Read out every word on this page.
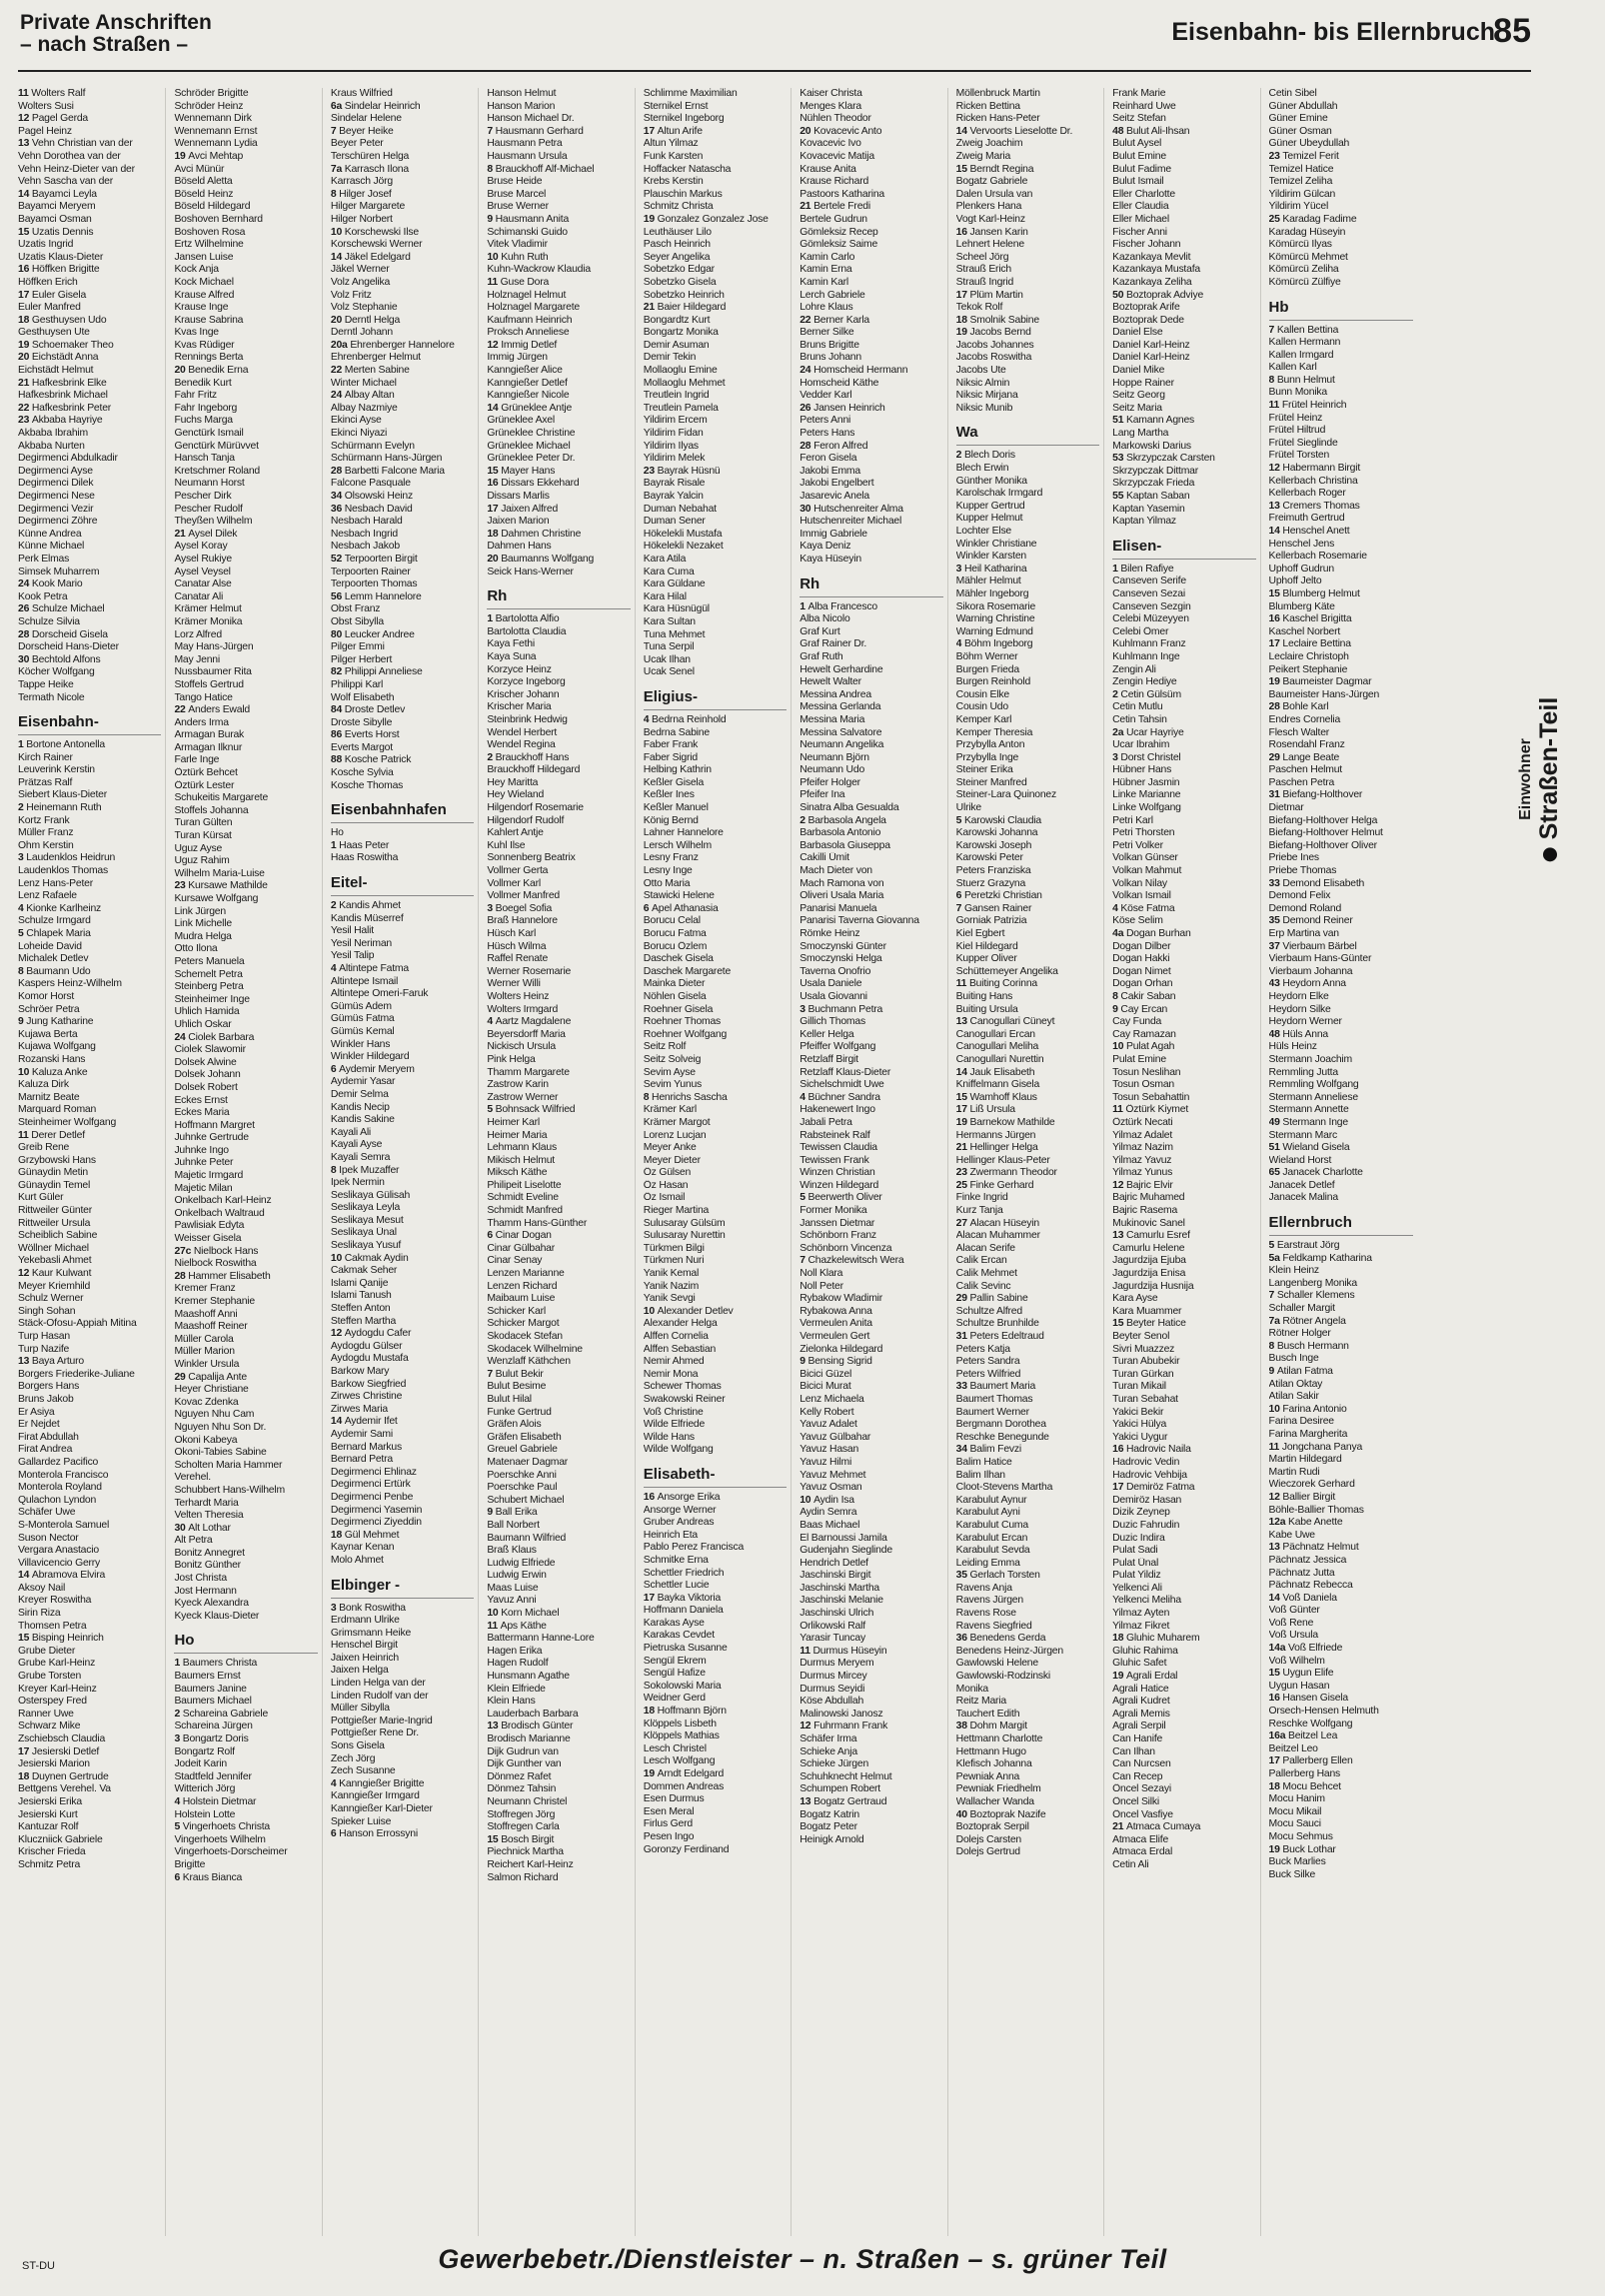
Private Anschriften
– nach Straßen –	Eisenbahn- bis Ellernbruch
85
11 Wolters Ralf
Wolters Susi
12 Pagel Gerda
Pagel Heinz
13 Vehn Christian van der
Vehn Dorothea van der
Vehn Heinz-Dieter van der
Vehn Sascha van der
14 Bayamci Leyla
Bayamci Meryem
Bayamci Osman
15 Uzatis Dennis
Uzatis Ingrid
Uzatis Klaus-Dieter
16 Höffken Brigitte
Höffken Erich
17 Euler Gisela
Euler Manfred
18 Gesthuysen Udo
Gesthuysen Ute
19 Schoemaker Theo
20 Eichstädt Anna
Eichstädt Helmut
21 Hafkesbrink Elke
Hafkesbrink Michael
22 Hafkesbrink Peter
23 Akbaba Hayriye
Akbaba Ibrahim
Akbaba Nurten
Degirmenci Abdulkadir
Degirmenci Ayse
Degirmenci Dilek
Degirmenci Nese
Degirmenci Vezir
Degirmenci Zöhre
Künne Andrea
Künne Michael
Perk Elmas
Simsek Muharrem
24 Kook Mario
Kook Petra
26 Schulze Michael
Schulze Silvia
28 Dorscheid Gisela
Dorscheid Hans-Dieter
30 Bechtold Alfons
Köcher Wolfgang
Tappe Heike
Termath Nicole
Eisenbahn-
1 Bortone Antonella
Kirch Rainer
Leuverink Kerstin
Prätzas Ralf
Siebert Klaus-Dieter
2 Heinemann Ruth
Kortz Frank
Müller Franz
Ohm Kerstin
3 Laudenklos Heidrun
Laudenklos Thomas
Lenz Hans-Peter
Lenz Rafaele
4 Kionke Karlheinz
Schulze Irmgard
5 Chlapek Maria
Loheide David
Michalek Detlev
8 Baumann Udo
Kaspers Heinz-Wilhelm
Komor Horst
Schröer Petra
9 Jung Katharine
Kujawa Berta
Kujawa Wolfgang
Rozanski Hans
10 Kaluza Anke
Kaluza Dirk
Marnitz Beate
Marquard Roman
Steinheimer Wolfgang
11 Derer Detlef
Greib Rene
Grzybowski Hans
Günaydin Metin
Günaydin Temel
Kurt Güler
Rittweiler Günter
Rittweiler Ursula
Scheiblich Sabine
Wöllner Michael
Yekebasli Ahmet
12 Kaur Kulwant
Meyer Kriemhild
Schulz Werner
Singh Sohan
Stäck-Ofosu-Appiah Mitina
Turp Hasan
Turp Nazife
13 Baya Arturo
Borgers Friederike-Juliane
Borgers Hans
Bruns Jakob
Er Asiya
Er Nejdet
Firat Abdullah
Firat Andrea
Gallardez Pacifico
Monterola Francisco
Monterola Royland
Qulachon Lyndon
Schäfer Uwe
S-Monterola Samuel
Suson Nector
Vergara Anastacio
Villavicencio Gerry
14 Abramova Elvira
Aksoy Nail
Kreyer Roswitha
Sirin Riza
Thomsen Petra
15 Bisping Heinrich
Grube Dieter
Grube Karl-Heinz
Grube Torsten
Kreyer Karl-Heinz
Osterspey Fred
Ranner Uwe
Schwarz Mike
Zschiebsch Claudia
17 Jesierski Detlef
Jesierski Marion
18 Duynen Gertrude
Bettgens Verehel. Va
Jesierski Erika
Jesierski Kurt
Kantuzar Rolf
Kluczniick Gabriele
Krischer Frieda
Schmitz Petra
Schröder Brigitte
Schröder Heinz
Wennemann Dirk
Wennemann Ernst
Wennemann Lydia
19 Avci Mehtap
Avci Münür
Böseld Aletta
Böseld Heinz
Böseld Hildegard
Boshoven Bernhard
Boshoven Rosa
Ertz Wilhelmine
Jansen Luise
Kock Anja
Kock Michael
Krause Alfred
Krause Inge
Krause Sabrina
Kvas Inge
Kvas Rüdiger
Rennings Berta
20 Benedik Erna
Benedik Kurt
Fahr Fritz
Fahr Ingeborg
Fuchs Marga
Genctürk Ismail
Genctürk Mürüvvet
Hansch Tanja
Kretschmer Roland
Neumann Horst
Pescher Dirk
Pescher Rudolf
Theyßen Wilhelm
21 Aysel Dilek
Aysel Koray
Aysel Rukiye
Aysel Veysel
Canatar Alse
Canatar Ali
Krämer Helmut
Krämer Monika
Lorz Alfred
May Hans-Jürgen
May Jenni
Nussbaumer Rita
Stoffels Gertrud
Tango Hatice
22 Anders Ewald
Anders Irma
Armagan Burak
Armagan Ilknur
Farle Inge
Öztürk Behcet
Öztürk Lester
Schukeitis Margarete
Stoffels Johanna
Turan Gülten
Turan Kürsat
Uguz Ayse
Uguz Rahim
Wilhelm Maria-Luise
23 Kursawe Mathilde
Kursawe Wolfgang
Link Jürgen
Link Michelle
Mudra Helga
Otto Ilona
Peters Manuela
Schemelt Petra
Steinberg Petra
Steinheimer Inge
Uhlich Hamida
Uhlich Oskar
24 Ciolek Barbara
Ciolek Slawomir
Dolsek Alwine
Dolsek Johann
Dolsek Robert
Eckes Ernst
Eckes Maria
Hoffmann Margret
Juhnke Gertrude
Juhnke Ingo
Juhnke Peter
Majetic Irmgard
Majetic Milan
Onkelbach Karl-Heinz
Onkelbach Waltraud
Pawlisiak Edyta
Weisser Gisela
27c Nielbock Hans
Nielbock Roswitha
28 Hammer Elisabeth
Kremer Franz
Kremer Stephanie
Maashoff Anni
Maashoff Reiner
Müller Carola
Müller Marion
Winkler Ursula
29 Capalija Ante
Heyer Christiane
Kovac Zdenka
Nguyen Nhu Cam
Nguyen Nhu Son Dr.
Okoni Kabeya
Okoni-Tabies Sabine
Scholten Maria Hammer
Verehel.
Schubbert Hans-Wilhelm
Terhardt Maria
Velten Theresia
30 Alt Lothar
Alt Petra
Bonitz Annegret
Bonitz Günther
Jost Christa
Jost Hermann
Kyeck Alexandra
Kyeck Klaus-Dieter
Ho
1 Baumers Christa
Baumers Ernst
Baumers Janine
Baumers Michael
2 Schareina Gabriele
Schareina Jürgen
3 Bongartz Doris
Bongartz Rolf
Jodeit Karin
Stadtfeld Jennifer
Witterich Jörg
4 Holstein Dietmar
Holstein Lotte
5 Vingerhoets Christa
Vingerhoets Wilhelm
Vingerhoets-Dorscheimer
Brigitte
6 Kraus Bianca
Kraus Wilfried
6a Sindelar Heinrich
Sindelar Helene
7 Beyer Heike
Beyer Peter
Terschüren Helga
7a Karrasch Ilona
Karrasch Jörg
8 Hilger Josef
Hilger Margarete
Hilger Norbert
10 Korschewski Ilse
Korschewski Werner
14 Jäkel Edelgard
Jäkel Werner
Volz Angelika
Volz Fritz
Volz Stephanie
20 Derntl Helga
Derntl Johann
20a Ehrenberger Hannelore
Ehrenberger Helmut
22 Merten Sabine
Winter Michael
24 Albay Altan
Albay Nazmiye
Ekinci Ayse
Ekinci Niyazi
Schürmann Evelyn
Schürmann Hans-Jürgen
28 Barbetti Falcone Maria
Falcone Pasquale
34 Olsowski Heinz
36 Nesbach David
Nesbach Harald
Nesbach Ingrid
Nesbach Jakob
52 Terpoorten Birgit
Terpoorten Rainer
Terpoorten Thomas
56 Lemm Hannelore
Obst Franz
Obst Sibylla
80 Leucker Andree
Pilger Emmi
Pilger Herbert
82 Philippi Anneliese
Philippi Karl
Wolf Elisabeth
84 Droste Detlev
Droste Sibylle
86 Everts Horst
Everts Margot
88 Kosche Patrick
Kosche Sylvia
Kosche Thomas
Eisenbahnhafen
Ho
1 Haas Peter
Haas Roswitha
Eitel-
2 Kandis Ahmet
Kandis Müserref
Yesil Halit
Yesil Neriman
Yesil Talip
4 Altintepe Fatma
Altintepe Ismail
Altintepe Omeri-Faruk
Gümüs Adem
Gümüs Fatma
Gümüs Kemal
Winkler Hans
Winkler Hildegard
6 Aydemir Meryem
Aydemir Yasar
Demir Selma
Kandis Necip
Kandis Sakine
Kayali Ali
Kayali Ayse
Kayali Semra
8 Ipek Muzaffer
Ipek Nermin
Seslikaya Gülisah
Seslikaya Leyla
Seslikaya Mesut
Seslikaya Ünal
Seslikaya Yusuf
10 Cakmak Aydin
Cakmak Seher
Islami Qanije
Islami Tanush
Steffen Anton
Steffen Martha
12 Aydogdu Cafer
Aydogdu Gülser
Aydogdu Mustafa
Barkow Mary
Barkow Siegfried
Zirwes Christine
Zirwes Maria
14 Aydemir Ifet
Aydemir Sami
Bernard Markus
Bernard Petra
Degirmenci Ehlinaz
Degirmenci Ertürk
Degirmenci Penbe
Degirmenci Yasemin
Degirmenci Ziyeddin
18 Gül Mehmet
Kaynar Kenan
Molo Ahmet
Elbinger -
3 Bonk Roswitha
Erdmann Ulrike
Grimsmann Heike
Henschel Birgit
Jaixen Heinrich
Jaixen Helga
Linden Helga van der
Linden Rudolf van der
Müller Sibylla
Pottgießer Marie-Ingrid
Pottgießer Rene Dr.
Sons Gisela
Zech Jörg
Zech Susanne
4 Kanngießer Brigitte
Kanngießer Irmgard
Kanngießer Karl-Dieter
Spieker Luise
6 Hanson Errossyni
Hanson Helmut
Hanson Marion
Hanson Michael Dr.
7 Hausmann Gerhard
Hausmann Petra
Hausmann Ursula
8 Brauckhoff Alf-Michael
Bruse Heide
Bruse Marcel
Bruse Werner
9 Hausmann Anita
Schimanski Guido
Vitek Vladimir
10 Kuhn Ruth
Kuhn-Wackrow Klaudia
11 Guse Dora
Holznagel Helmut
Holznagel Margarete
Kaufmann Heinrich
Proksch Anneliese
12 Immig Detlef
Immig Jürgen
Kanngießer Alice
Kanngießer Detlef
Kanngießer Nicole
14 Grüneklee Antje
Grüneklee Axel
Grüneklee Christine
Grüneklee Michael
Grüneklee Peter Dr.
15 Mayer Hans
16 Dissars Ekkehard
Dissars Marlis
17 Jaixen Alfred
Jaixen Marion
18 Dahmen Christine
Dahmen Hans
20 Baumanns Wolfgang
Seick Hans-Werner
Rh
1 Bartolotta Alfio
Bartolotta Claudia
Kaya Fethi
Kaya Suna
Korzyce Heinz
Korzyce Ingeborg
Krischer Johann
Krischer Maria
Steinbrink Hedwig
Wendel Herbert
Wendel Regina
2 Brauckhoff Hans
Brauckhoff Hildegard
Hey Maritta
Hey Wieland
Hilgendorf Rosemarie
Hilgendorf Rudolf
Kahlert Antje
Kuhl Ilse
Sonnenberg Beatrix
Vollmer Gerta
Vollmer Karl
Vollmer Manfred
3 Boegel Sofia
Braß Hannelore
Hüsch Karl
Hüsch Wilma
Raffel Renate
Werner Rosemarie
Werner Willi
Wolters Heinz
Wolters Irmgard
4 Aartz Magdalene
Beyersdorff Maria
Nickisch Ursula
Pink Helga
Thamm Margarete
Zastrow Karin
Zastrow Werner
5 Bohnsack Wilfried
Heimer Karl
Heimer Maria
Lehmann Klaus
Mikisch Helmut
Miksch Käthe
Philipeit Liselotte
Schmidt Eveline
Schmidt Manfred
Thamm Hans-Günther
6 Cinar Dogan
Cinar Gülbahar
Cinar Senay
Lenzen Marianne
Lenzen Richard
Maibaum Luise
Schicker Karl
Schicker Margot
Skodacek Stefan
Skodacek Wilhelmine
Wenzlaff Käthchen
7 Bulut Bekir
Bulut Besime
Bulut Hilal
Funke Gertrud
Gräfen Alois
Gräfen Elisabeth
Greuel Gabriele
Matenaer Dagmar
Poerschke Anni
Poerschke Paul
Schubert Michael
9 Ball Erika
Ball Norbert
Baumann Wilfried
Braß Klaus
Ludwig Elfriede
Ludwig Erwin
Maas Luise
Yavuz Anni
10 Korn Michael
11 Aps Käthe
Battermann Hanne-Lore
Hagen Erika
Hagen Rudolf
Hunsmann Agathe
Klein Elfriede
Klein Hans
Lauderbach Barbara
13 Brodisch Günter
Brodisch Marianne
Dijk Gudrun van
Dijk Gunther van
Dönmez Rafet
Dönmez Tahsin
Neumann Christel
Stoffregen Jörg
Stoffregen Carla
15 Bosch Birgit
Piechnick Martha
Reichert Karl-Heinz
Salmon Richard
Schlimme Maximilian
Sternikel Ernst
Sternikel Ingeborg
17 Altun Arife
Altun Yilmaz
Funk Karsten
Hoffacker Natascha
Krebs Kerstin
Plauschin Markus
Schmitz Christa
19 Gonzalez Gonzalez Jose
Leuthäuser Lilo
Pasch Heinrich
Seyer Angelika
Sobetzko Edgar
Sobetzko Gisela
Sobetzko Heinrich
21 Baier Hildegard
Bongardtz Kurt
Bongartz Monika
Demir Asuman
Demir Tekin
Mollaoglu Emine
Mollaoglu Mehmet
Treutlein Ingrid
Treutlein Pamela
Yildirim Ercem
Yildirim Fidan
Yildirim Ilyas
Yildirim Melek
23 Bayrak Hüsnü
Bayrak Risale
Bayrak Yalcin
Duman Nebahat
Duman Sener
Hökelekli Mustafa
Hökelekli Nezaket
Kara Atila
Kara Cuma
Kara Güldane
Kara Hilal
Kara Hüsnügül
Kara Sultan
Tuna Mehmet
Tuna Serpil
Ucak Ilhan
Ucak Senel
Eligius-
4 Bedrna Reinhold
Bedrna Sabine
Faber Frank
Faber Sigrid
Helbing Kathrin
Keßler Gisela
Keßler Ines
Keßler Manuel
König Bernd
Lahner Hannelore
Lersch Wilhelm
Lesny Franz
Lesny Inge
Otto Maria
Stawicki Helene
6 Apel Athanasia
Borucu Celal
Borucu Fatma
Borucu Özlem
Daschek Gisela
Daschek Margarete
Mainka Dieter
Nöhlen Gisela
Roehner Gisela
Roehner Thomas
Roehner Wolfgang
Seitz Rolf
Seitz Solveig
Sevim Ayse
Sevim Yunus
8 Henrichs Sascha
Krämer Karl
Krämer Margot
Lorenz Lucjan
Meyer Anke
Meyer Dieter
Öz Gülsen
Öz Hasan
Öz Ismail
Rieger Martina
Sulusaray Gülsüm
Sulusaray Nurettin
Türkmen Bilgi
Türkmen Nuri
Yanik Kemal
Yanik Nazim
Yanik Sevgi
10 Alexander Detlev
Alexander Helga
Alffen Cornelia
Alffen Sebastian
Nemir Ahmed
Nemir Mona
Schewer Thomas
Swakowski Reiner
Voß Christine
Wilde Elfriede
Wilde Hans
Wilde Wolfgang
Elisabeth-
16 Ansorge Erika
Ansorge Werner
Gruber Andreas
Heinrich Eta
Pablo Perez Francisca
Schmitke Erna
Schettler Friedrich
Schettler Lucie
17 Bayka Viktoria
Hoffmann Daniela
Karakas Ayse
Karakas Cevdet
Pietruska Susanne
Sengül Ekrem
Sengül Hafize
Sokolowski Maria
Weidner Gerd
18 Hoffmann Björn
Klöppels Lisbeth
Klöppels Mathias
Lesch Christel
Lesch Wolfgang
19 Arndt Edelgard
Dommen Andreas
Esen Durmus
Esen Meral
Firlus Gerd
Pesen Ingo
Goronzy Ferdinand
Kaiser Christa
Menges Klara
Nühlen Theodor
20 Kovacevic Anto
Kovacevic Ivo
Kovacevic Matija
Krause Anita
Krause Richard
Pastoors Katharina
21 Bertele Fredi
Bertele Gudrun
Gömleksiz Recep
Gömleksiz Saime
Kamin Carlo
Kamin Erna
Kamin Karl
Lerch Gabriele
Lohre Klaus
22 Berner Karla
Berner Silke
Bruns Brigitte
Bruns Johann
24 Homscheid Hermann
Homscheid Käthe
Vedder Karl
26 Jansen Heinrich
Peters Anni
Peters Hans
28 Feron Alfred
Feron Gisela
Jakobi Emma
Jakobi Engelbert
Jasarevic Anela
30 Hutschenreiter Alma
Hutschenreiter Michael
Immig Gabriele
Kaya Deniz
Kaya Hüseyin
Rh
1 Alba Francesco
Alba Nicolo
Graf Kurt
Graf Rainer Dr.
Graf Ruth
Hewelt Gerhardine
Hewelt Walter
Messina Andrea
Messina Gerlanda
Messina Maria
Messina Salvatore
Neumann Angelika
Neumann Björn
Neumann Udo
Pfeifer Holger
Pfeifer Ina
Sinatra Alba Gesualda
2 Barbasola Angela
Barbasola Antonio
Barbasola Giuseppa
Cakilli Ümit
Mach Dieter von
Mach Ramona von
Oliveri Usala Maria
Panarisi Manuela
Panarisi Taverna Giovanna
Römke Heinz
Smoczynski Günter
Smoczynski Helga
Taverna Onofrio
Usala Daniele
Usala Giovanni
3 Buchmann Petra
Gillich Thomas
Keller Helga
Pfeiffer Wolfgang
Retzlaff Birgit
Retzlaff Klaus-Dieter
Sichelschmidt Uwe
4 Büchner Sandra
Hakenewert Ingo
Jabali Petra
Rabsteinek Ralf
Tewissen Claudia
Tewissen Frank
Winzen Christian
Winzen Hildegard
5 Beerwerth Oliver
Former Monika
Janssen Dietmar
Schönborn Franz
Schönborn Vincenza
7 Chazkelewitsch Wera
Noll Klara
Noll Peter
Rybakow Wladimir
Rybakowa Anna
Vermeulen Anita
Vermeulen Gert
Zielonka Hildegard
9 Bensing Sigrid
Bicici Güzel
Bicici Murat
Lenz Michaela
Kelly Robert
Yavuz Adalet
Yavuz Gülbahar
Yavuz Hasan
Yavuz Hilmi
Yavuz Mehmet
Yavuz Osman
10 Aydin Isa
Aydin Semra
Baas Michael
El Barnoussi Jamila
Gudenjahn Sieglinde
Hendrich Detlef
Jaschinski Birgit
Jaschinski Martha
Jaschinski Melanie
Jaschinski Ulrich
Orlikowski Ralf
Yarasir Tuncay
11 Durmus Hüseyin
Durmus Meryem
Durmus Mircey
Durmus Seyidi
Köse Abdullah
Malinowski Janosz
12 Fuhrmann Frank
Schäfer Irma
Schieke Anja
Schieke Jürgen
Schuhknecht Helmut
Schumpen Robert
13 Bogatz Gertraud
Bogatz Katrin
Bogatz Peter
Heinigk Arnold
Möllenbruck Martin
Ricken Bettina
Ricken Hans-Peter
14 Vervoorts Lieselotte Dr.
Zweig Joachim
Zweig Maria
15 Berndt Regina
Bogatz Gabriele
Dalen Ursula van
Plenkers Hana
Vogt Karl-Heinz
16 Jansen Karin
Lehnert Helene
Scheel Jörg
Strauß Erich
Strauß Ingrid
17 Plüm Martin
Tekok Rolf
18 Smolnik Sabine
19 Jacobs Bernd
Jacobs Johannes
Jacobs Roswitha
Jacobs Ute
Niksic Almin
Niksic Mirjana
Niksic Munib
Wa
2 Blech Doris
Blech Erwin
Günther Monika
Karolschak Irmgard
Kupper Gertrud
Kupper Helmut
Lochter Else
Winkler Christiane
Winkler Karsten
3 Heil Katharina
Mähler Helmut
Mähler Ingeborg
Sikora Rosemarie
Warning Christine
Warning Edmund
4 Böhm Ingeborg
Böhm Werner
Burgen Frieda
Burgen Reinhold
Cousin Elke
Cousin Udo
Kemper Karl
Kemper Theresia
Przybylla Anton
Przybylla Inge
Steiner Erika
Steiner Manfred
Steiner-Lara Quinonez
Ulrike
5 Karowski Claudia
Karowski Johanna
Karowski Joseph
Karowski Peter
Peters Franziska
Stuerz Grazyna
6 Peretzki Christian
7 Gansen Rainer
Gorniak Patrizia
Kiel Egbert
Kiel Hildegard
Kupper Oliver
Schüttemeyer Angelika
11 Buiting Corinna
Buiting Hans
Buiting Ursula
13 Canogullari Cüneyt
Canogullari Ercan
Canogullari Meliha
Canogullari Nurettin
14 Jauk Elisabeth
Kniffelmann Gisela
15 Wamhoff Klaus
17 Liß Ursula
19 Barnekow Mathilde
Hermanns Jürgen
21 Hellinger Helga
Hellinger Klaus-Peter
23 Zwermann Theodor
25 Finke Gerhard
Finke Ingrid
Kurz Tanja
27 Alacan Hüseyin
Alacan Muhammer
Alacan Serife
Calik Ercan
Calik Mehmet
Calik Sevinc
29 Pallin Sabine
Schultze Alfred
Schultze Brunhilde
31 Peters Edeltraud
Peters Katja
Peters Sandra
Peters Wilfried
33 Baumert Maria
Baumert Thomas
Baumert Werner
Bergmann Dorothea
Reschke Benegunde
34 Balim Fevzi
Balim Hatice
Balim Ilhan
Cloot-Stevens Martha
Karabulut Aynur
Karabulut Ayni
Karabulut Cuma
Karabulut Ercan
Karabulut Sevda
Leiding Emma
35 Gerlach Torsten
Ravens Anja
Ravens Jürgen
Ravens Rose
Ravens Siegfried
36 Benedens Gerda
Benedens Heinz-Jürgen
Gawlowski Helene
Gawlowski-Rodzinski
Monika
Reitz Maria
Tauchert Edith
38 Dohm Margit
Hettmann Charlotte
Hettmann Hugo
Klefisch Johanna
Pewniak Anna
Pewniak Friedhelm
Wallacher Wanda
40 Boztoprak Nazife
Boztoprak Serpil
Dolejs Carsten
Dolejs Gertrud
Frank Marie
Reinhard Uwe
Seitz Stefan
48 Bulut Ali-Ihsan
Bulut Aysel
Bulut Emine
Bulut Fadime
Bulut Ismail
Eller Charlotte
Eller Claudia
Eller Michael
Fischer Anni
Fischer Johann
Kazankaya Mevlit
Kazankaya Mustafa
Kazankaya Zeliha
50 Boztoprak Adviye
Boztoprak Arife
Boztoprak Dede
Daniel Else
Daniel Karl-Heinz
Daniel Karl-Heinz
Daniel Mike
Hoppe Rainer
Seitz Georg
Seitz Maria
51 Kamann Agnes
Lang Martha
Markowski Darius
53 Skrzypczak Carsten
Skrzypczak Dittmar
Skrzypczak Frieda
55 Kaptan Saban
Kaptan Yasemin
Kaptan Yilmaz
Elisen-
1 Bilen Rafiye
Canseven Serife
Canseven Sezai
Canseven Sezgin
Celebi Müzeyyen
Celebi Ömer
Kuhlmann Franz
Kuhlmann Inge
Zengin Ali
Zengin Hediye
2 Cetin Gülsüm
Cetin Mutlu
Cetin Tahsin
2a Ucar Hayriye
Ucar Ibrahim
3 Dorst Christel
Hübner Hans
Hübner Jasmin
Linke Marianne
Linke Wolfgang
Petri Karl
Petri Thorsten
Petri Volker
Volkan Günser
Volkan Mahmut
Volkan Nilay
Volkan Ismail
4 Köse Fatma
Köse Selim
4a Dogan Burhan
Dogan Dilber
Dogan Hakki
Dogan Nimet
Dogan Orhan
8 Cakir Saban
9 Cay Ercan
Cay Funda
Cay Ramazan
10 Pulat Agah
Pulat Emine
Tosun Neslihan
Tosun Osman
Tosun Sebahattin
11 Öztürk Kiymet
Öztürk Necati
Yilmaz Adalet
Yilmaz Nazim
Yilmaz Yavuz
Yilmaz Yunus
12 Bajric Elvir
Bajric Muhamed
Bajric Rasema
Mukinovic Sanel
13 Camurlu Esref
Camurlu Helene
Jagurdzija Ejuba
Jagurdzija Enisa
Jagurdzija Husnija
Kara Ayse
Kara Muammer
15 Beyter Hatice
Beyter Senol
Sivri Muazzez
Turan Abubekir
Turan Gürkan
Turan Mikail
Turan Sebahat
Yakici Bekir
Yakici Hülya
Yakici Uygur
16 Hadrovic Naila
Hadrovic Vedin
Hadrovic Vehbija
17 Demiröz Fatma
Demiröz Hasan
Dizik Zeynep
Duzic Fahrudin
Duzic Indira
Pulat Sadi
Pulat Ünal
Pulat Yildiz
Yelkenci Ali
Yelkenci Meliha
Yilmaz Ayten
Yilmaz Fikret
18 Gluhic Muharem
Gluhic Rahima
Gluhic Safet
19 Agrali Erdal
Agrali Hatice
Agrali Kudret
Agrali Memis
Agrali Serpil
Can Hanife
Can Ilhan
Can Nurcsen
Can Recep
Öncel Sezayi
Öncel Silki
Öncel Vasfiye
21 Atmaca Cumaya
Atmaca Elife
Atmaca Erdal
Cetin Ali
Cetin Sibel
Güner Abdullah
Güner Emine
Güner Osman
Güner Ubeydullah
23 Temizel Ferit
Temizel Hatice
Temizel Zeliha
Yildirim Gülcan
Yildirim Yücel
25 Karadag Fadime
Karadag Hüseyin
Kömürcü Ilyas
Kömürcü Mehmet
Kömürcü Zeliha
Kömürcü Zülfiye
Hb
7 Kallen Bettina
Kallen Hermann
Kallen Irmgard
Kallen Karl
8 Bunn Helmut
Bunn Monika
11 Frütel Heinrich
Frütel Heinz
Frütel Hiltrud
Frütel Sieglinde
Frütel Torsten
12 Habermann Birgit
Kellerbach Christina
Kellerbach Roger
13 Cremers Thomas
Freimuth Gertrud
14 Henschel Anett
Henschel Jens
Kellerbach Rosemarie
Uphoff Gudrun
Uphoff Jelto
15 Blumberg Helmut
Blumberg Käte
16 Kaschel Brigitta
Kaschel Norbert
17 Leclaire Bettina
Leclaire Christoph
Peikert Stephanie
19 Baumeister Dagmar
Baumeister Hans-Jürgen
28 Bohle Karl
Endres Cornelia
Flesch Walter
Rosendahl Franz
29 Lange Beate
Paschen Helmut
Paschen Petra
31 Biefang-Holthover
Dietmar
Biefang-Holthover Helga
Biefang-Holthover Helmut
Biefang-Holthover Oliver
Priebe Ines
Priebe Thomas
33 Demond Elisabeth
Demond Felix
Demond Roland
35 Demond Reiner
Erp Martina van
37 Vierbaum Bärbel
Vierbaum Hans-Günter
Vierbaum Johanna
43 Heydorn Anna
Heydorn Elke
Heydorn Silke
Heydorn Werner
48 Hüls Anna
Hüls Heinz
Stermann Joachim
Remmling Jutta
Remmling Wolfgang
Stermann Anneliese
Stermann Annette
49 Stermann Inge
Stermann Marc
51 Wieland Gisela
Wieland Horst
65 Janacek Charlotte
Janacek Detlef
Janacek Malina
Ellernbruch
5 Earstraut Jörg
5a Feldkamp Katharina
Klein Heinz
Langenberg Monika
7 Schaller Klemens
Schaller Margit
7a Rötner Angela
Rötner Holger
8 Busch Hermann
Busch Inge
9 Atilan Fatma
Atilan Oktay
Atilan Sakir
10 Farina Antonio
Farina Desiree
Farina Margherita
11 Jongchana Panya
Martin Hildegard
Martin Rudi
Wieczorek Gerhard
12 Ballier Birgit
Böhle-Ballier Thomas
12a Kabe Anette
Kabe Uwe
13 Pächnatz Helmut
Pächnatz Jessica
Pächnatz Jutta
Pächnatz Rebecca
14 Voß Daniela
Voß Günter
Voß Rene
Voß Ursula
14a Voß Elfriede
Voß Wilhelm
15 Uygun Elife
Uygun Hasan
16 Hansen Gisela
Orsech-Hensen Helmuth
Reschke Wolfgang
16a Beitzel Lea
Beitzel Leo
17 Pallerberg Ellen
Pallerberg Hans
18 Mocu Behcet
Mocu Hanim
Mocu Mikail
Mocu Sauci
Mocu Sehmus
19 Buck Lothar
Buck Marlies
Buck Silke
Einwohner Straßen-Teil
ST-DU	Gewerbebetr./Dienstleister – n. Straßen – s. grüner Teil
